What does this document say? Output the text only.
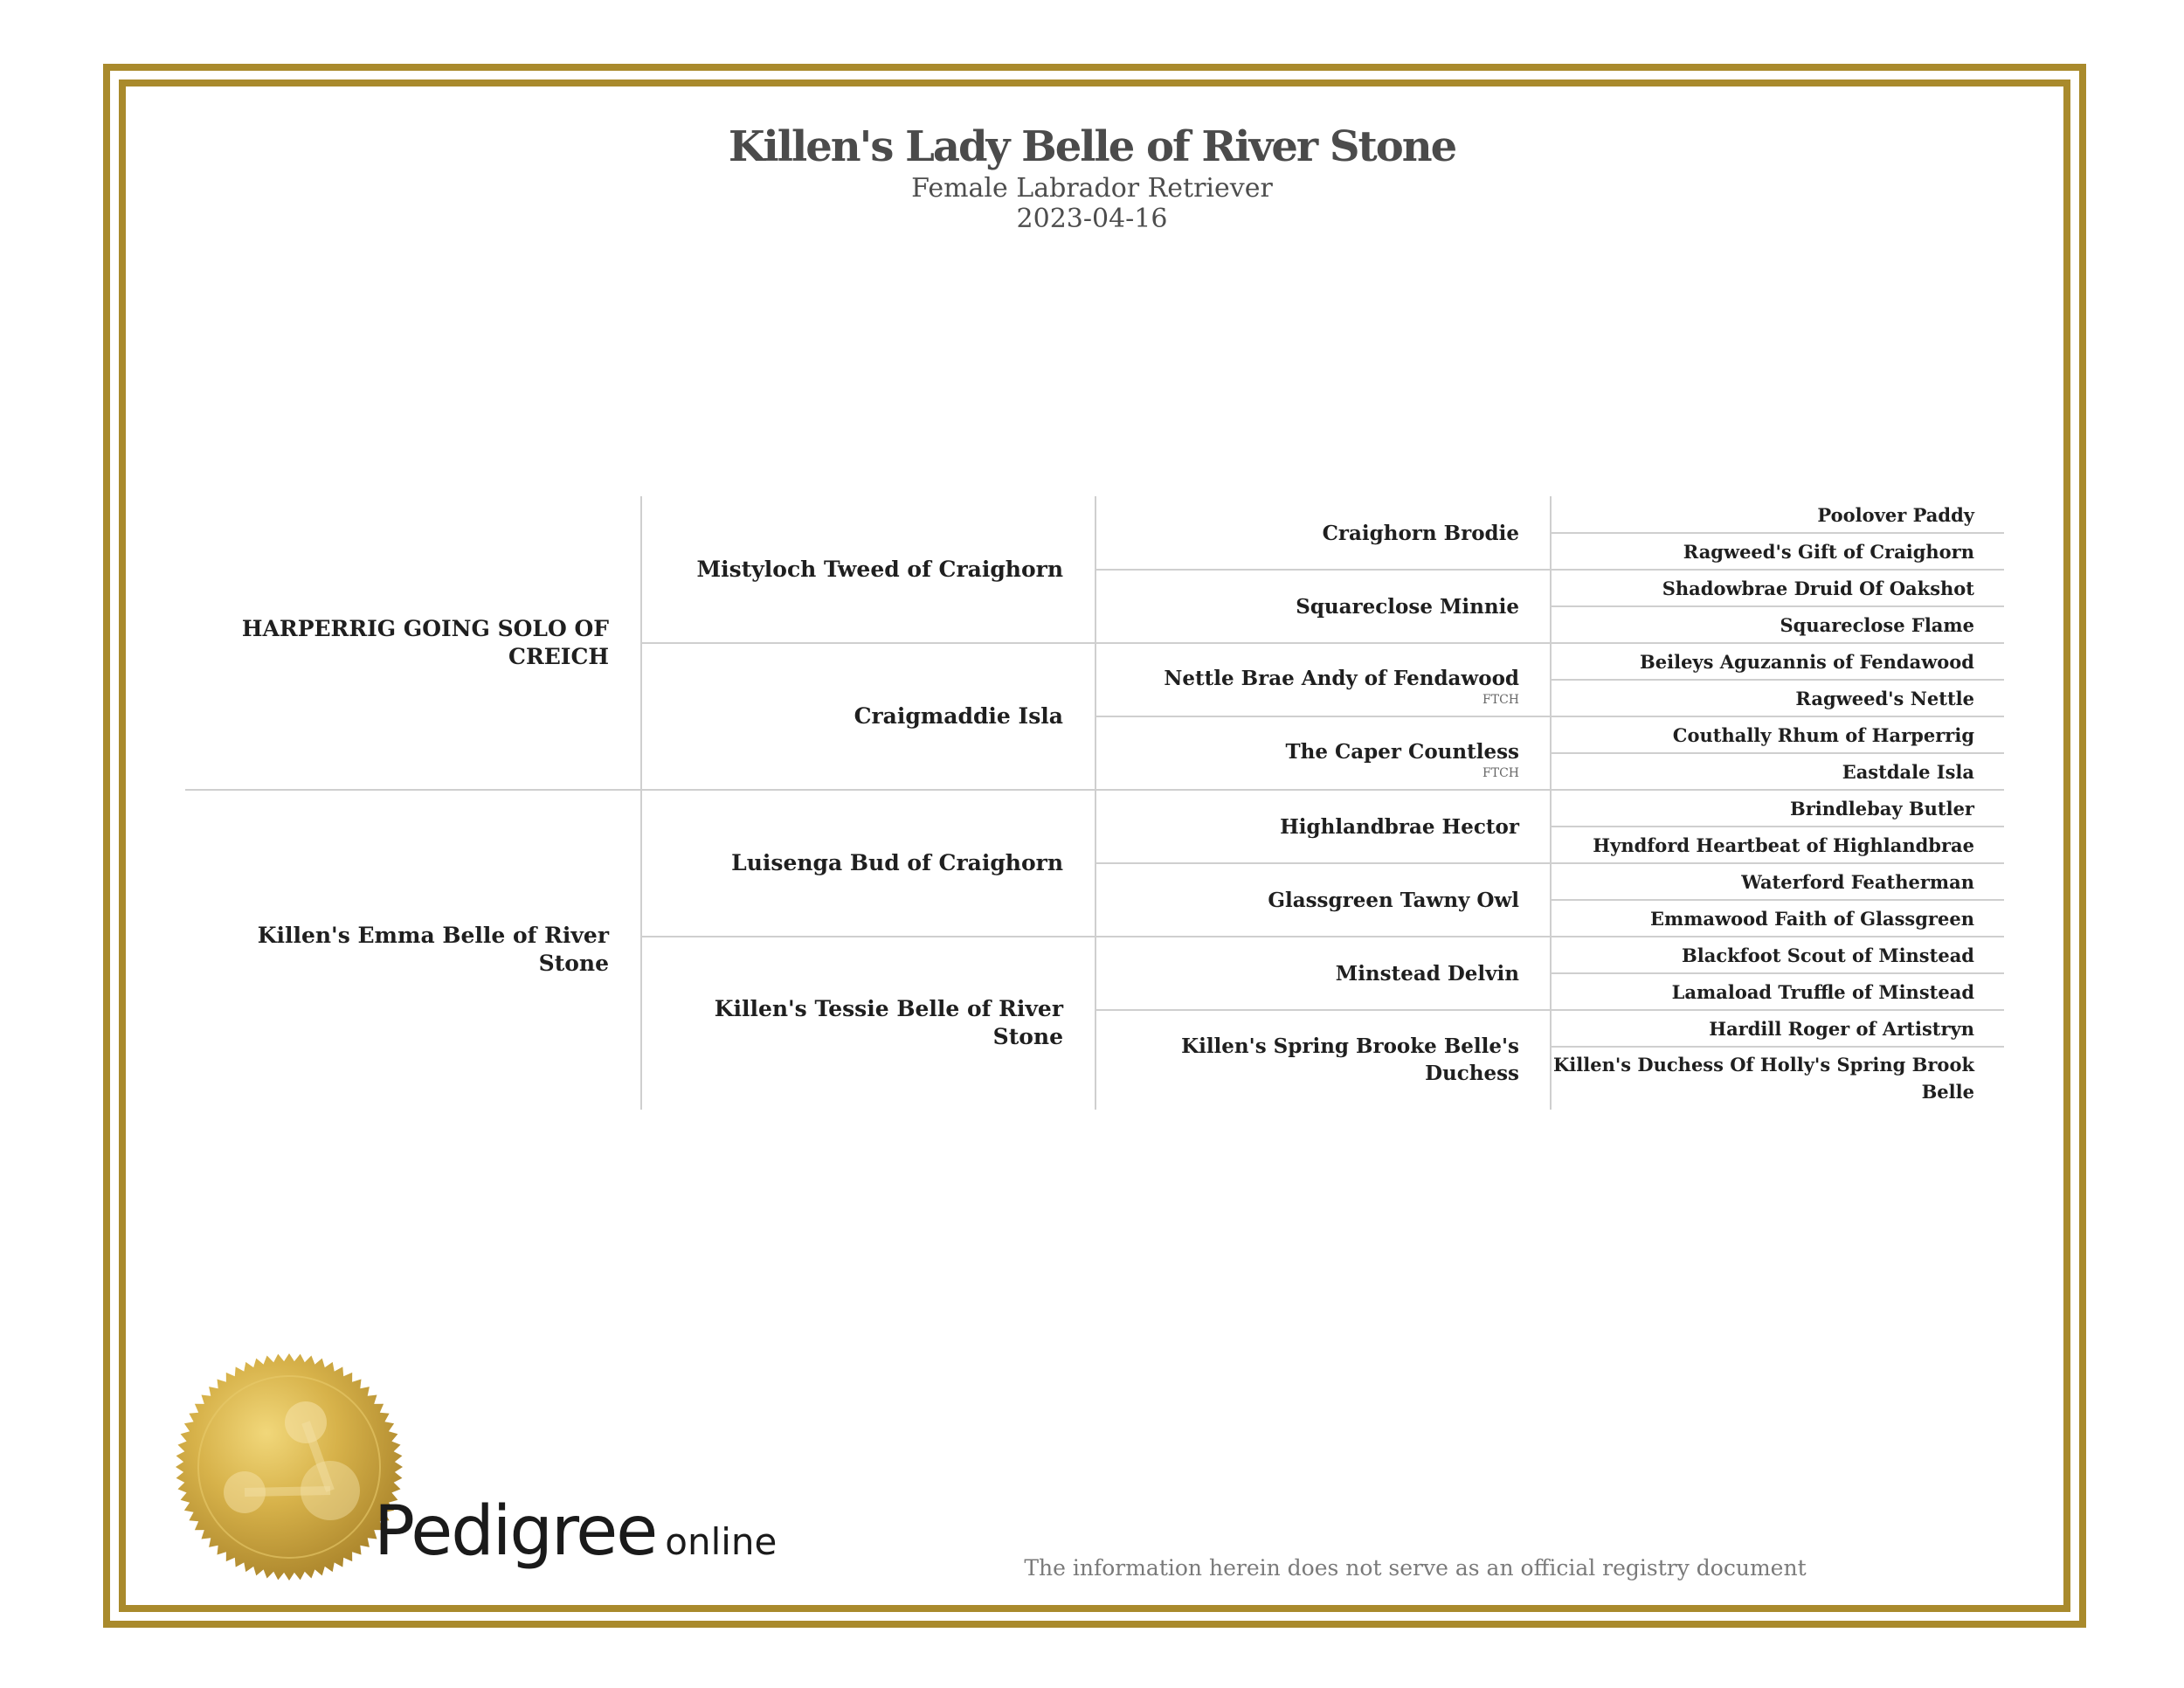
Killen's Lady Belle of River Stone
Female Labrador Retriever
2023-04-16
HARPERRIG GOING SOLO OF CREICH
Killen's Emma Belle of River Stone
Mistyloch Tweed of Craighorn
Craigmaddie Isla
Luisenga Bud of Craighorn
Killen's Tessie Belle of River Stone
Craighorn Brodie
Squareclose Minnie
Nettle Brae Andy of Fendawood
FTCH
The Caper Countless
FTCH
Highlandbrae Hector
Glassgreen Tawny Owl
Minstead Delvin
Killen's Spring Brooke Belle's Duchess
Poolover Paddy
Ragweed's Gift of Craighorn
Shadowbrae Druid Of Oakshot
Squareclose Flame
Beileys Aguzannis of Fendawood
Ragweed's Nettle
Couthally Rhum of Harperrig
Eastdale Isla
Brindlebay Butler
Hyndford Heartbeat of Highlandbrae
Waterford Featherman
Emmawood Faith of Glassgreen
Blackfoot Scout of Minstead
Lamaload Truffle of Minstead
Hardill Roger of Artistryn
Killen's Duchess Of Holly's Spring Brook Belle
Pedigree online
The information herein does not serve as an official registry document
